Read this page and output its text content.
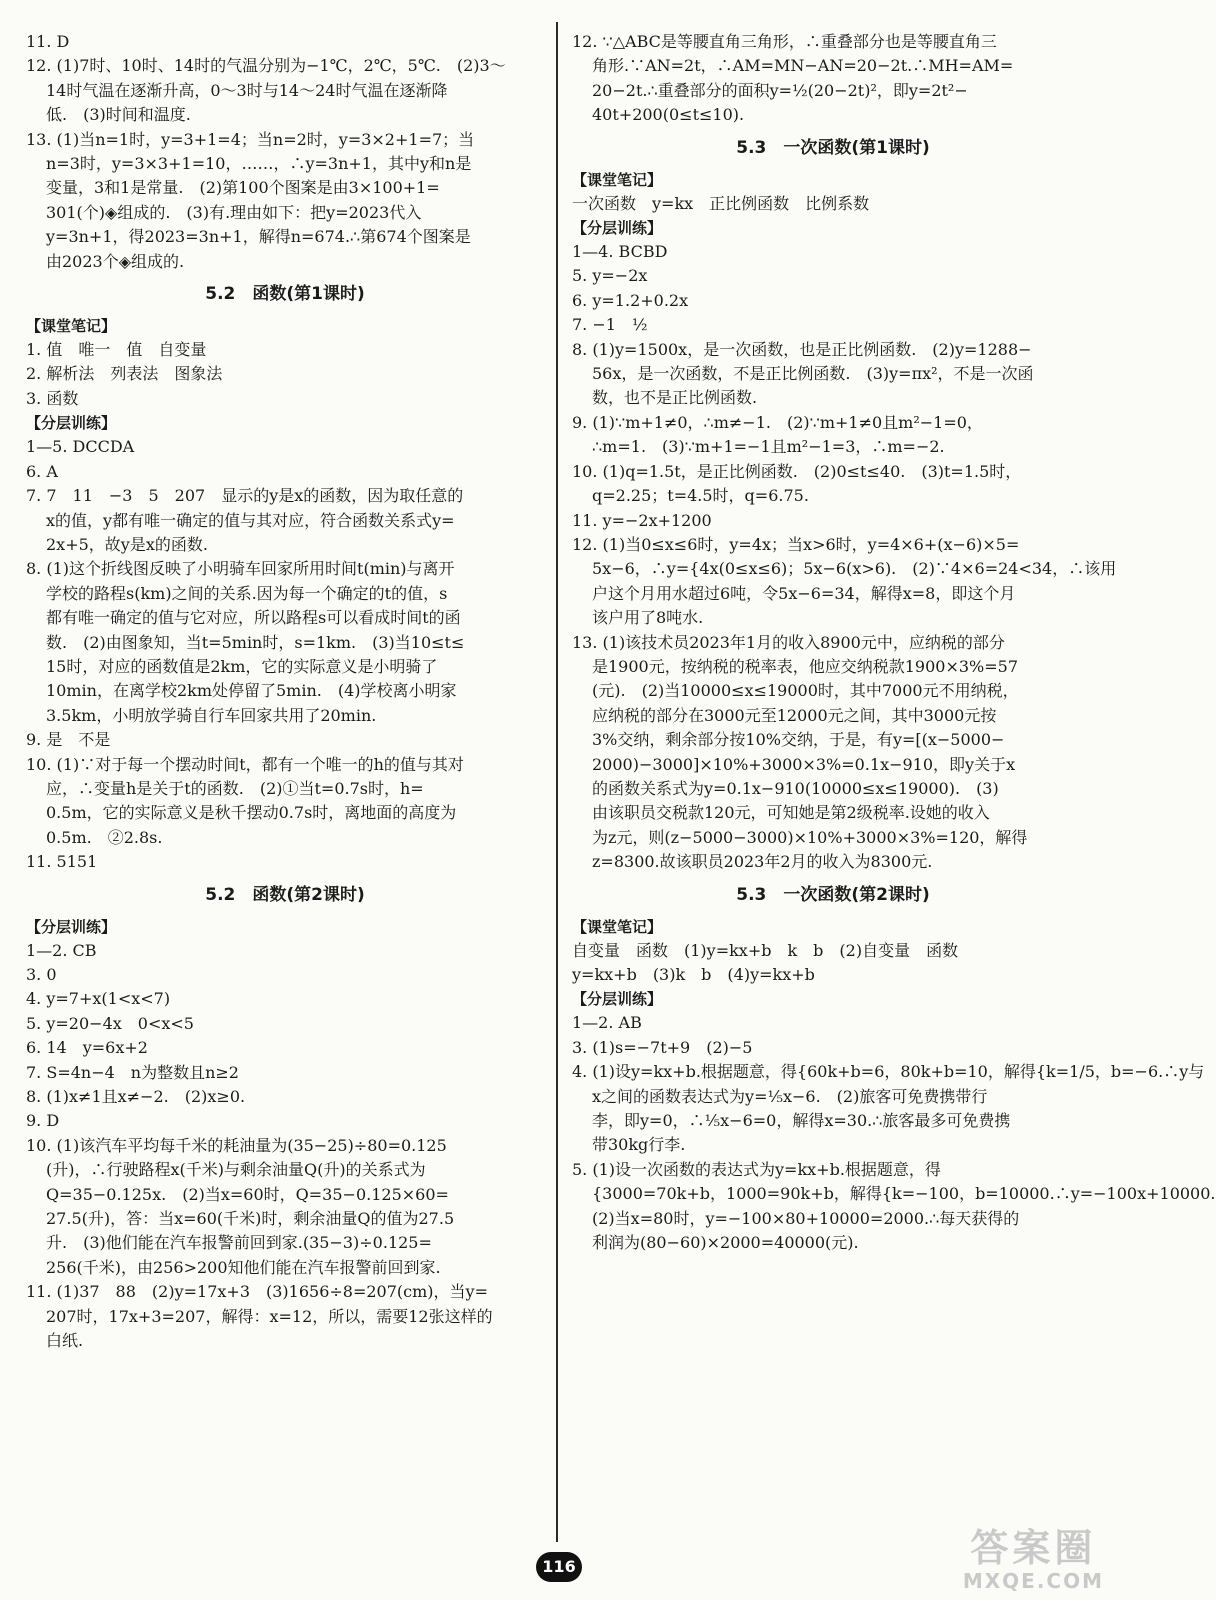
11. D
12. (1)7时、10时、14时的气温分别为−1℃，2℃，5℃.　(2)3～
14时气温在逐渐升高，0～3时与14～24时气温在逐渐降
低.　(3)时间和温度.
13. (1)当n=1时，y=3+1=4；当n=2时，y=3×2+1=7；当
n=3时，y=3×3+1=10，……，∴y=3n+1，其中y和n是
变量，3和1是常量.　(2)第100个图案是由3×100+1=
301(个)◈组成的.　(3)有.理由如下：把y=2023代入
y=3n+1，得2023=3n+1，解得n=674.∴第674个图案是
由2023个◈组成的.
5.2　函数(第1课时)
【课堂笔记】
1. 值　唯一　值　自变量
2. 解析法　列表法　图象法
3. 函数
【分层训练】
1—5. DCCDA
6. A
7. 7　11　−3　5　207　显示的y是x的函数，因为取任意的
x的值，y都有唯一确定的值与其对应，符合函数关系式y=
2x+5，故y是x的函数.
8. (1)这个折线图反映了小明骑车回家所用时间t(min)与离开
学校的路程s(km)之间的关系.因为每一个确定的t的值，s
都有唯一确定的值与它对应，所以路程s可以看成时间t的函
数.　(2)由图象知，当t=5min时，s=1km.　(3)当10≤t≤
15时，对应的函数值是2km，它的实际意义是小明骑了
10min，在离学校2km处停留了5min.　(4)学校离小明家
3.5km，小明放学骑自行车回家共用了20min.
9. 是　不是
10. (1)∵对于每一个摆动时间t，都有一个唯一的h的值与其对
应，∴变量h是关于t的函数.　(2)①当t=0.7s时，h=
0.5m，它的实际意义是秋千摆动0.7s时，离地面的高度为
0.5m.　②2.8s.
11. 5151
5.2　函数(第2课时)
【分层训练】
1—2. CB
3. 0
4. y=7+x(1<x<7)
5. y=20−4x　0<x<5
6. 14　y=6x+2
7. S=4n−4　n为整数且n≥2
8. (1)x≠1且x≠−2.　(2)x≥0.
9. D
10. (1)该汽车平均每千米的耗油量为(35−25)÷80=0.125
(升)，∴行驶路程x(千米)与剩余油量Q(升)的关系式为
Q=35−0.125x.　(2)当x=60时，Q=35−0.125×60=
27.5(升)，答：当x=60(千米)时，剩余油量Q的值为27.5
升.　(3)他们能在汽车报警前回到家.(35−3)÷0.125=
256(千米)，由256>200知他们能在汽车报警前回到家.
11. (1)37　88　(2)y=17x+3　(3)1656÷8=207(cm)，当y=
207时，17x+3=207，解得：x=12，所以，需要12张这样的
白纸.
12. ∵△ABC是等腰直角三角形，∴重叠部分也是等腰直角三
角形.∵AN=2t，∴AM=MN−AN=20−2t.∴MH=AM=
20−2t.∴重叠部分的面积y=½(20−2t)²，即y=2t²−
40t+200(0≤t≤10).
5.3　一次函数(第1课时)
【课堂笔记】
一次函数　y=kx　正比例函数　比例系数
【分层训练】
1—4. BCBD
5. y=−2x
6. y=1.2+0.2x
7. −1　½
8. (1)y=1500x，是一次函数，也是正比例函数.　(2)y=1288−
56x，是一次函数，不是正比例函数.　(3)y=πx²，不是一次函
数，也不是正比例函数.
9. (1)∵m+1≠0，∴m≠−1.　(2)∵m+1≠0且m²−1=0，
∴m=1.　(3)∵m+1=−1且m²−1=3，∴m=−2.
10. (1)q=1.5t，是正比例函数.　(2)0≤t≤40.　(3)t=1.5时，
q=2.25；t=4.5时，q=6.75.
11. y=−2x+1200
12. (1)当0≤x≤6时，y=4x；当x>6时，y=4×6+(x−6)×5=
5x−6，∴y={4x(0≤x≤6)；5x−6(x>6).　(2)∵4×6=24<34，∴该用
户这个月用水超过6吨，令5x−6=34，解得x=8，即这个月
该户用了8吨水.
13. (1)该技术员2023年1月的收入8900元中，应纳税的部分
是1900元，按纳税的税率表，他应交纳税款1900×3%=57
(元).　(2)当10000≤x≤19000时，其中7000元不用纳税，
应纳税的部分在3000元至12000元之间，其中3000元按
3%交纳，剩余部分按10%交纳，于是，有y=[(x−5000−
2000)−3000]×10%+3000×3%=0.1x−910，即y关于x
的函数关系式为y=0.1x−910(10000≤x≤19000).　(3)
由该职员交税款120元，可知她是第2级税率.设她的收入
为z元，则(z−5000−3000)×10%+3000×3%=120，解得
z=8300.故该职员2023年2月的收入为8300元.
5.3　一次函数(第2课时)
【课堂笔记】
自变量　函数　(1)y=kx+b　k　b　(2)自变量　函数
y=kx+b　(3)k　b　(4)y=kx+b
【分层训练】
1—2. AB
3. (1)s=−7t+9　(2)−5
4. (1)设y=kx+b.根据题意，得{60k+b=6，80k+b=10，解得{k=1/5，b=−6.∴y与
x之间的函数表达式为y=⅕x−6.　(2)旅客可免费携带行
李，即y=0，∴⅕x−6=0，解得x=30.∴旅客最多可免费携
带30kg行李.
5. (1)设一次函数的表达式为y=kx+b.根据题意，得
{3000=70k+b，1000=90k+b，解得{k=−100，b=10000.∴y=−100x+10000.
(2)当x=80时，y=−100×80+10000=2000.∴每天获得的
利润为(80−60)×2000=40000(元).
116	答案圈
MXQE.COM
